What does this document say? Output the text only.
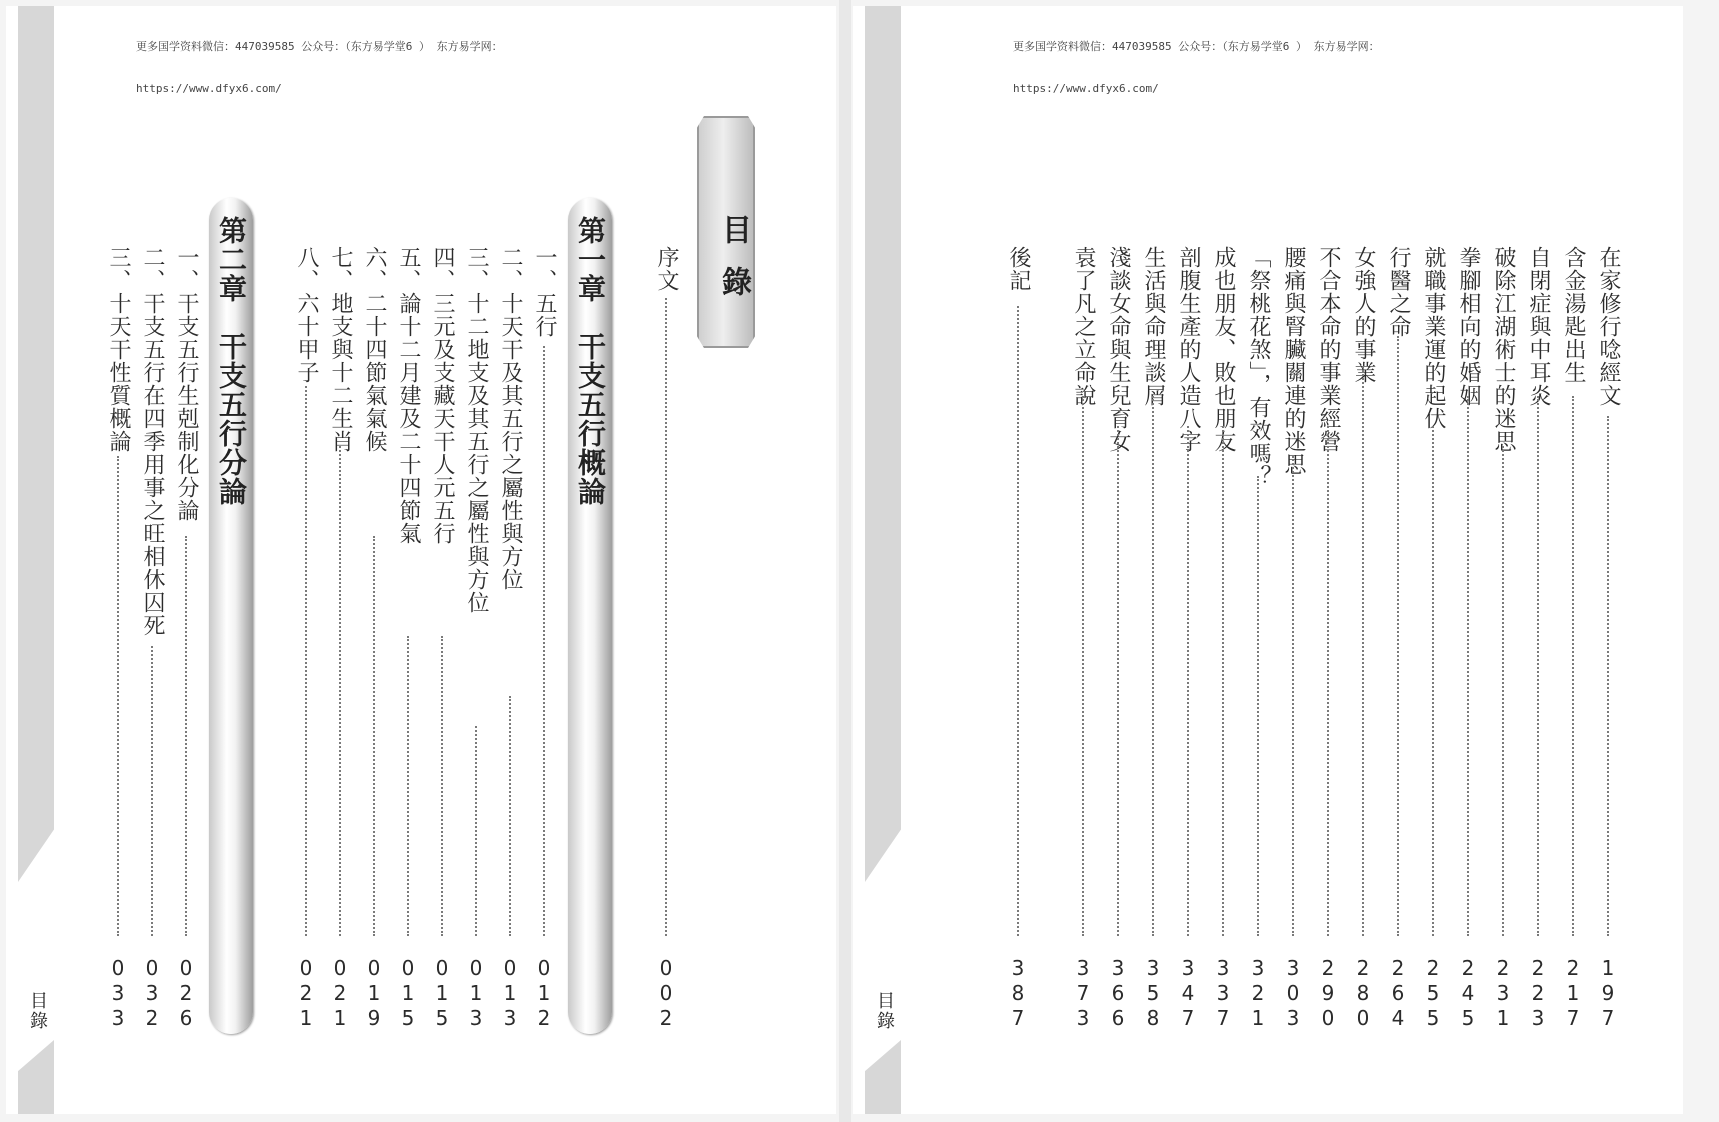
更多国学资料微信：447039585 公众号：（东方易学堂6 ） 东方易学网：

https://www.dfyx6.com/

目錄
目錄
序文
002
第一章　干支五行概論
一、五行
012
二、十天干及其五行之屬性與方位
013
三、十二地支及其五行之屬性與方位
013
四、三元及支藏天干人元五行
015
五、論十二月建及二十四節氣
015
六、二十四節氣氣候
019
七、地支與十二生肖
021
八、六十甲子
021
第二章　干支五行分論
一、干支五行生剋制化分論
026
二、干支五行在四季用事之旺相休囚死
032
三、十天干性質概論
033

更多国学资料微信：447039585 公众号：（东方易学堂6 ） 东方易学网：

https://www.dfyx6.com/

目錄
在家修行唸經文
197
含金湯匙出生
217
自閉症與中耳炎
223
破除江湖術士的迷思
231
拳腳相向的婚姻
245
就職事業運的起伏
255
行醫之命
264
女強人的事業
280
不合本命的事業經營
290
腰痛與腎臟關連的迷思
303
「祭桃花煞」，有效嗎？
321
成也朋友、敗也朋友
337
剖腹生產的人造八字
347
生活與命理談屑
358
淺談女命與生兒育女
366
袁了凡之立命說
373
後記
387
